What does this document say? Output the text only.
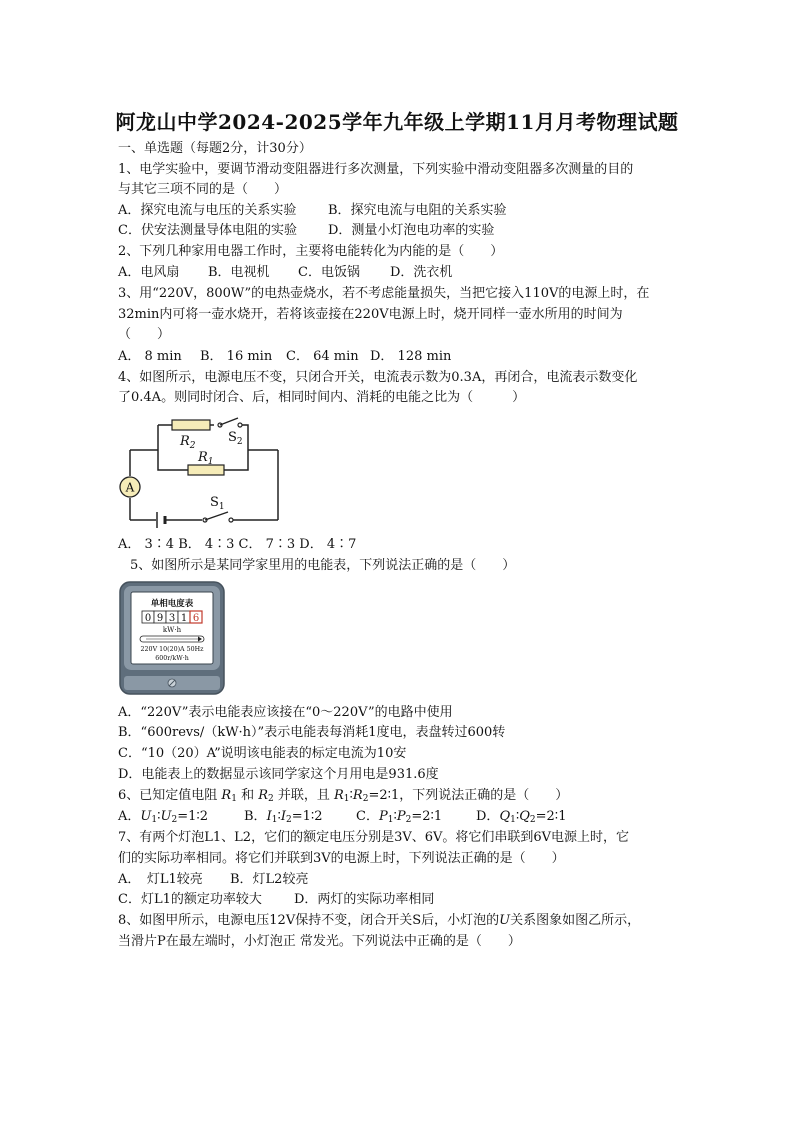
阿龙山中学2024-2025学年九年级上学期11月月考物理试题
一、单选题（每题2分，计30分）
1、电学实验中，要调节滑动变阻器进行多次测量，下列实验中滑动变阻器多次测量的目的
与其它三项不同的是（　　）
A．探究电流与电压的关系实验 B．探究电流与电阻的关系实验
C．伏安法测量导体电阻的实验 D．测量小灯泡电功率的实验
2、下列几种家用电器工作时，主要将电能转化为内能的是（　　）
A．电风扇 B．电视机 C．电饭锅 D．洗衣机
3、用“220V，800W”的电热壶烧水，若不考虑能量损失，当把它接入110V的电源上时，在
32min内可将一壶水烧开，若将该壶接在220V电源上时，烧开同样一壶水所用的时间为
（　　）
A． 8 min B． 16 min C． 64 min D． 128 min
4、如图所示，电源电压不变，只闭合开关，电流表示数为0.3A，再闭合，电流表示数变化
了0.4A。则同时闭合、后，相同时间内、消耗的电能之比为（　　　）
A
$R_2$
$S_2$
$R_1$
$S_1$
A． 3∶4 B． 4∶3 C． 7∶3 D． 4∶7
5、如图所示是某同学家里用的电能表，下列说法正确的是（　　）
单相电度表
0 9 3 1 6
kW·h
220V 10(20)A 50Hz
600r/kW·h
A．“220V”表示电能表应该接在“0～220V”的电路中使用
B．“600revs/（kW·h）”表示电能表每消耗1度电，表盘转过600转
C．“10（20）A”说明该电能表的标定电流为10安
D．电能表上的数据显示该同学家这个月用电是931.6度
6、已知定值电阻 $R_1$ 和 $R_2$ 并联，且 $R_1∶R_2=2∶1$，下列说法正确的是（　　）
A．$U_1∶U_2=1∶2$	B．$I_1∶I_2=1∶2$	C．$P_1∶P_2=2∶1$	D．$Q_1∶Q_2=2∶1$
7、有两个灯泡L1、L2，它们的额定电压分别是3V、6V。将它们串联到6V电源上时，它
们的实际功率相同。将它们并联到3V的电源上时，下列说法正确的是（　　）
A．　灯L1较亮 B．灯L2较亮
C．灯L1的额定功率较大 D．两灯的实际功率相同
8、如图甲所示，电源电压12V保持不变，闭合开关S后，小灯泡的U关系图象如图乙所示，
当滑片P在最左端时，小灯泡正 常发光。下列说法中正确的是（　　）
